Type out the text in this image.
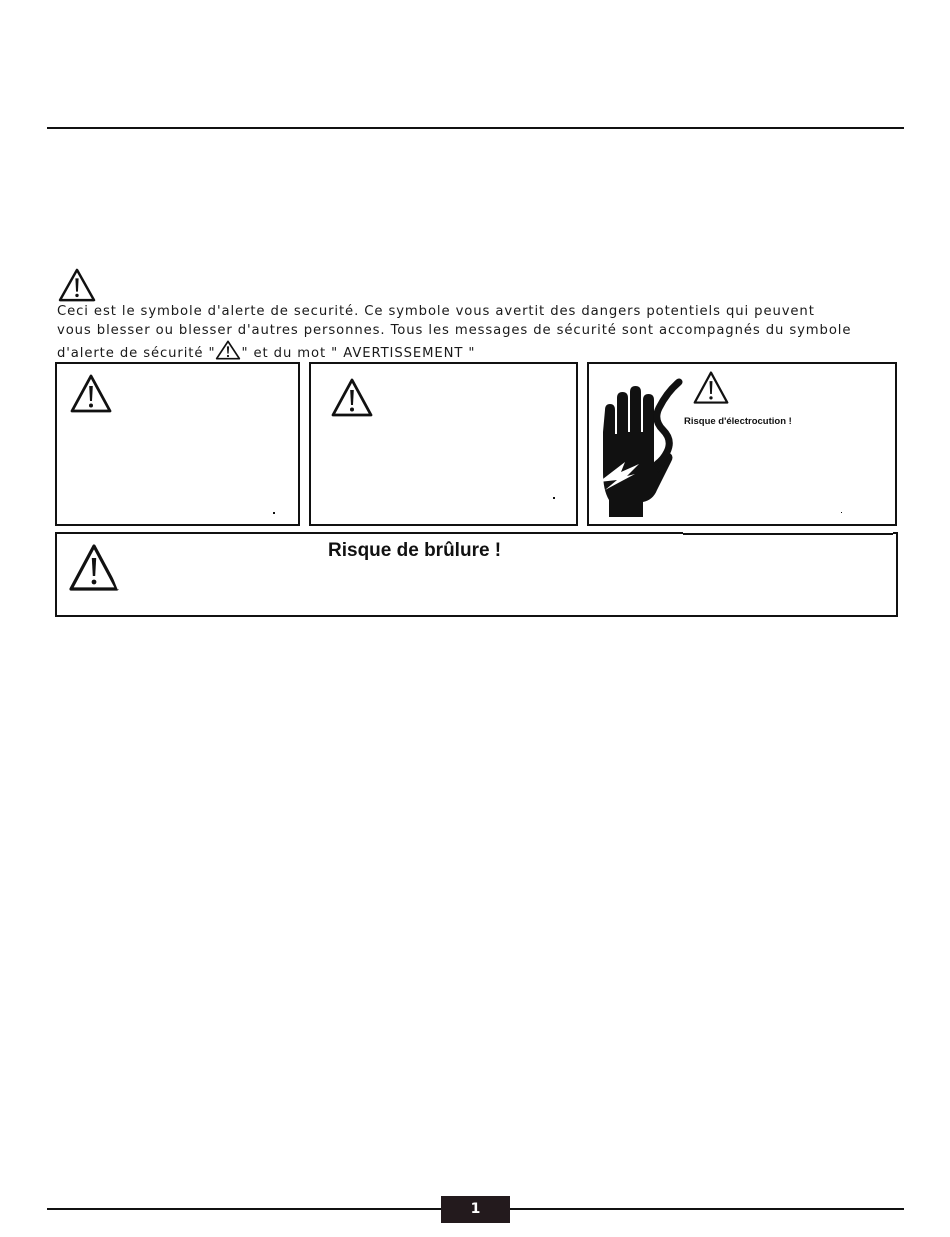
Ceci est le symbole d'alerte de securité. Ce symbole vous avertit des dangers potentiels qui peuvent
vous blesser ou blesser d'autres personnes. Tous les messages de sécurité sont accompagnés du symbole
d'alerte de sécurité " " et du mot " AVERTISSEMENT "
Risque d'électrocution !
Risque de brûlure !
1
